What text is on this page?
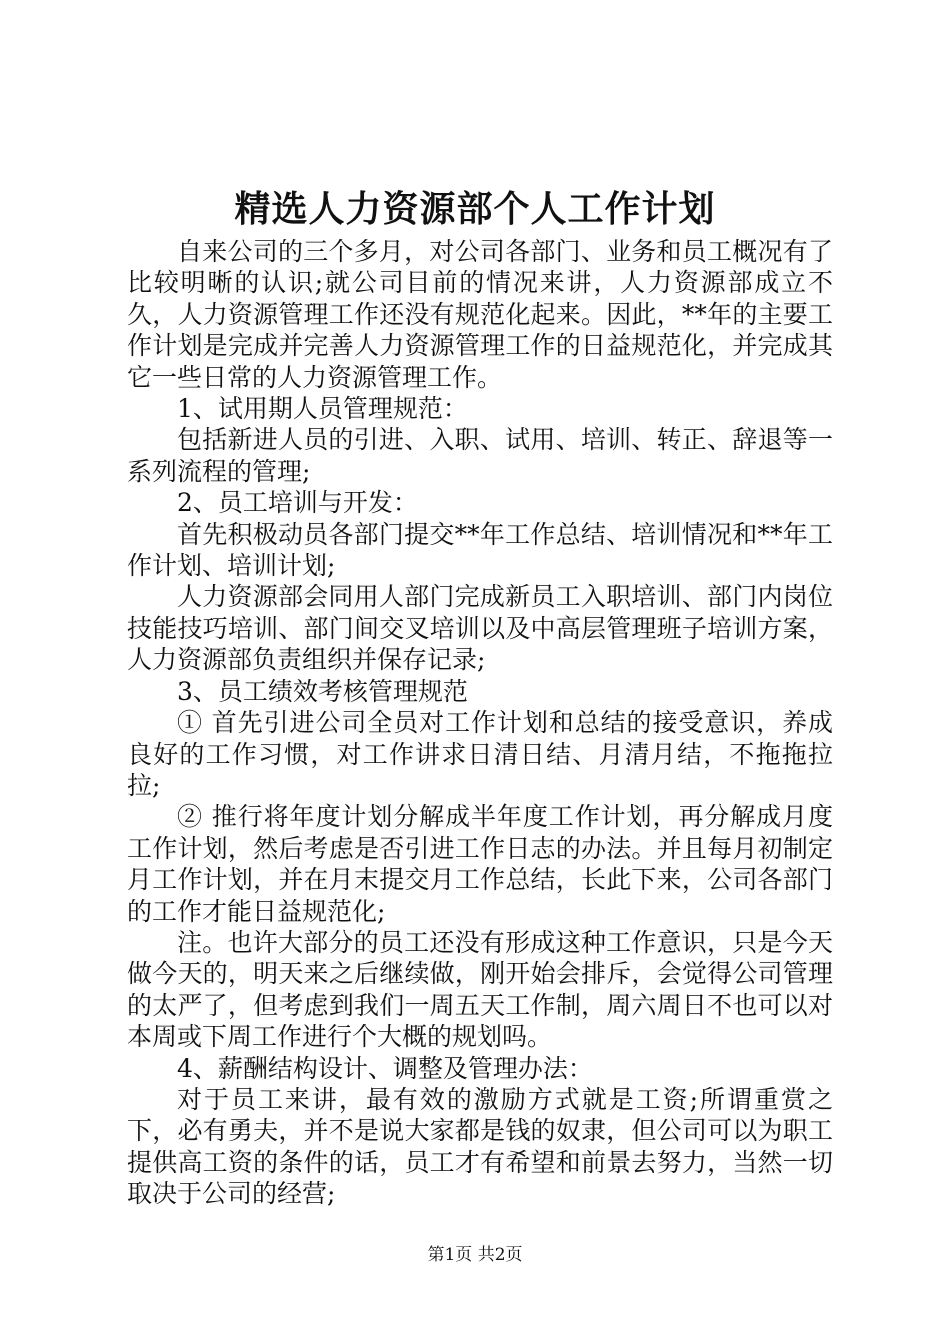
精选人力资源部个人工作计划

自来公司的三个多月，对公司各部门、业务和员工概况有了比较明晰的认识;就公司目前的情况来讲，人力资源部成立不久，人力资源管理工作还没有规范化起来。因此，**年的主要工作计划是完成并完善人力资源管理工作的日益规范化，并完成其它一些日常的人力资源管理工作。

1、试用期人员管理规范：

包括新进人员的引进、入职、试用、培训、转正、辞退等一系列流程的管理;

2、员工培训与开发：

首先积极动员各部门提交**年工作总结、培训情况和**年工作计划、培训计划;

人力资源部会同用人部门完成新员工入职培训、部门内岗位技能技巧培训、部门间交叉培训以及中高层管理班子培训方案，人力资源部负责组织并保存记录;

3、员工绩效考核管理规范

① 首先引进公司全员对工作计划和总结的接受意识，养成良好的工作习惯，对工作讲求日清日结、月清月结，不拖拖拉拉;

② 推行将年度计划分解成半年度工作计划，再分解成月度工作计划，然后考虑是否引进工作日志的办法。并且每月初制定月工作计划，并在月末提交月工作总结，长此下来，公司各部门的工作才能日益规范化;

注。也许大部分的员工还没有形成这种工作意识，只是今天做今天的，明天来之后继续做，刚开始会排斥，会觉得公司管理的太严了，但考虑到我们一周五天工作制，周六周日不也可以对本周或下周工作进行个大概的规划吗。

4、薪酬结构设计、调整及管理办法：

对于员工来讲，最有效的激励方式就是工资;所谓重赏之下，必有勇夫，并不是说大家都是钱的奴隶，但公司可以为职工提供高工资的条件的话，员工才有希望和前景去努力，当然一切取决于公司的经营;

第1页 共2页
